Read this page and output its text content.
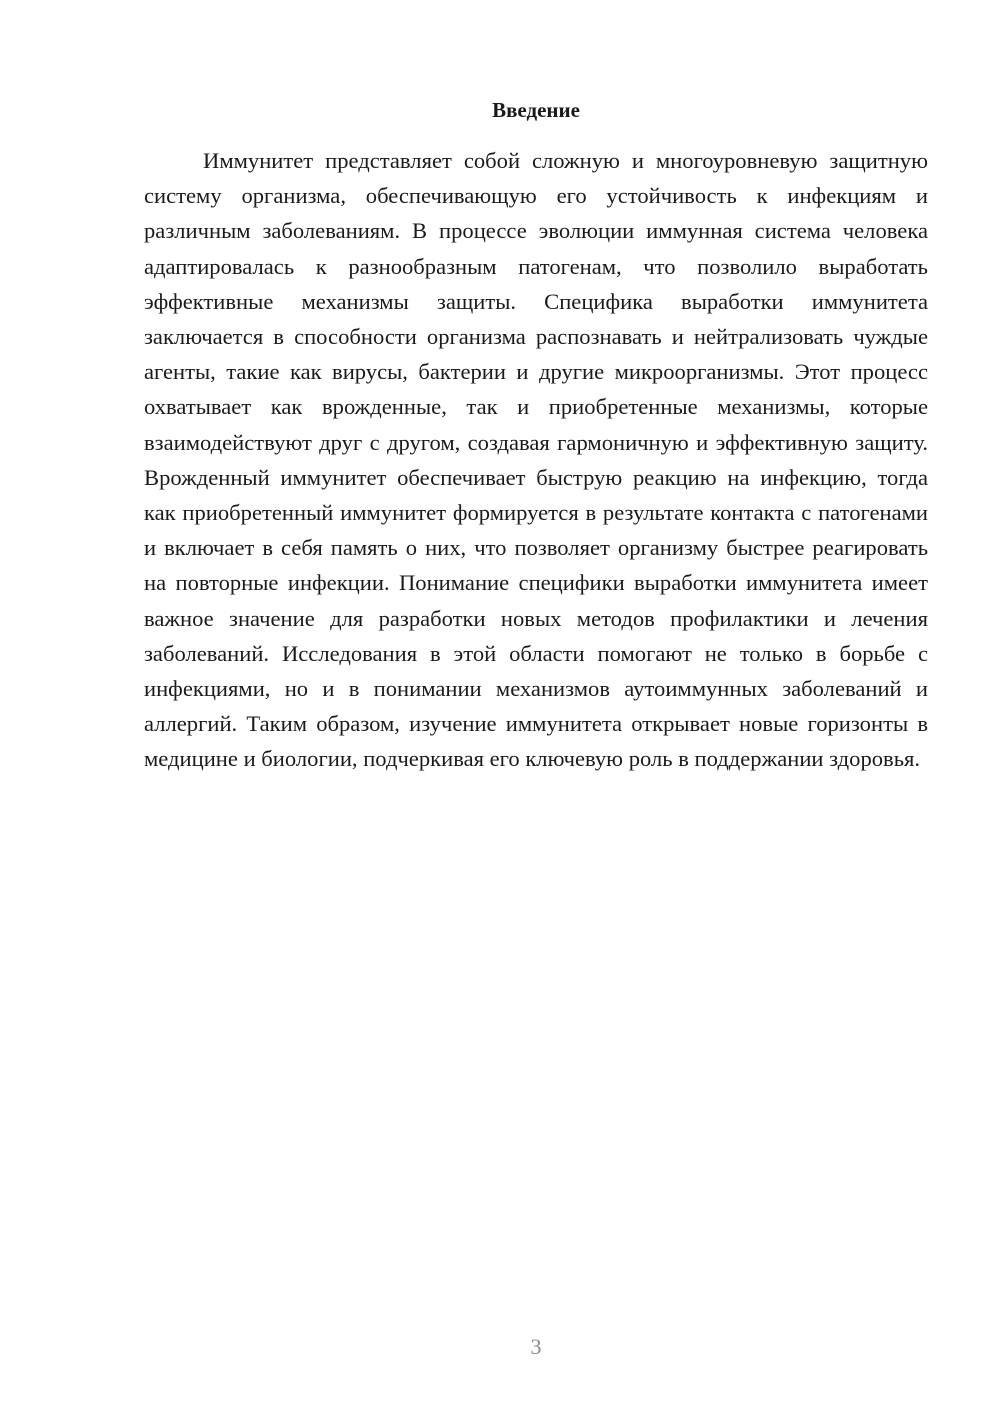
Введение

Иммунитет представляет собой сложную и многоуровневую защитную систему организма, обеспечивающую его устойчивость к инфекциям и различным заболеваниям. В процессе эволюции иммунная система человека адаптировалась к разнообразным патогенам, что позволило выработать эффективные механизмы защиты. Специфика выработки иммунитета заключается в способности организма распознавать и нейтрализовать чуждые агенты, такие как вирусы, бактерии и другие микроорганизмы. Этот процесс охватывает как врожденные, так и приобретенные механизмы, которые взаимодействуют друг с другом, создавая гармоничную и эффективную защиту. Врожденный иммунитет обеспечивает быструю реакцию на инфекцию, тогда как приобретенный иммунитет формируется в результате контакта с патогенами и включает в себя память о них, что позволяет организму быстрее реагировать на повторные инфекции. Понимание специфики выработки иммунитета имеет важное значение для разработки новых методов профилактики и лечения заболеваний. Исследования в этой области помогают не только в борьбе с инфекциями, но и в понимании механизмов аутоиммунных заболеваний и аллергий. Таким образом, изучение иммунитета открывает новые горизонты в медицине и биологии, подчеркивая его ключевую роль в поддержании здоровья.

3
